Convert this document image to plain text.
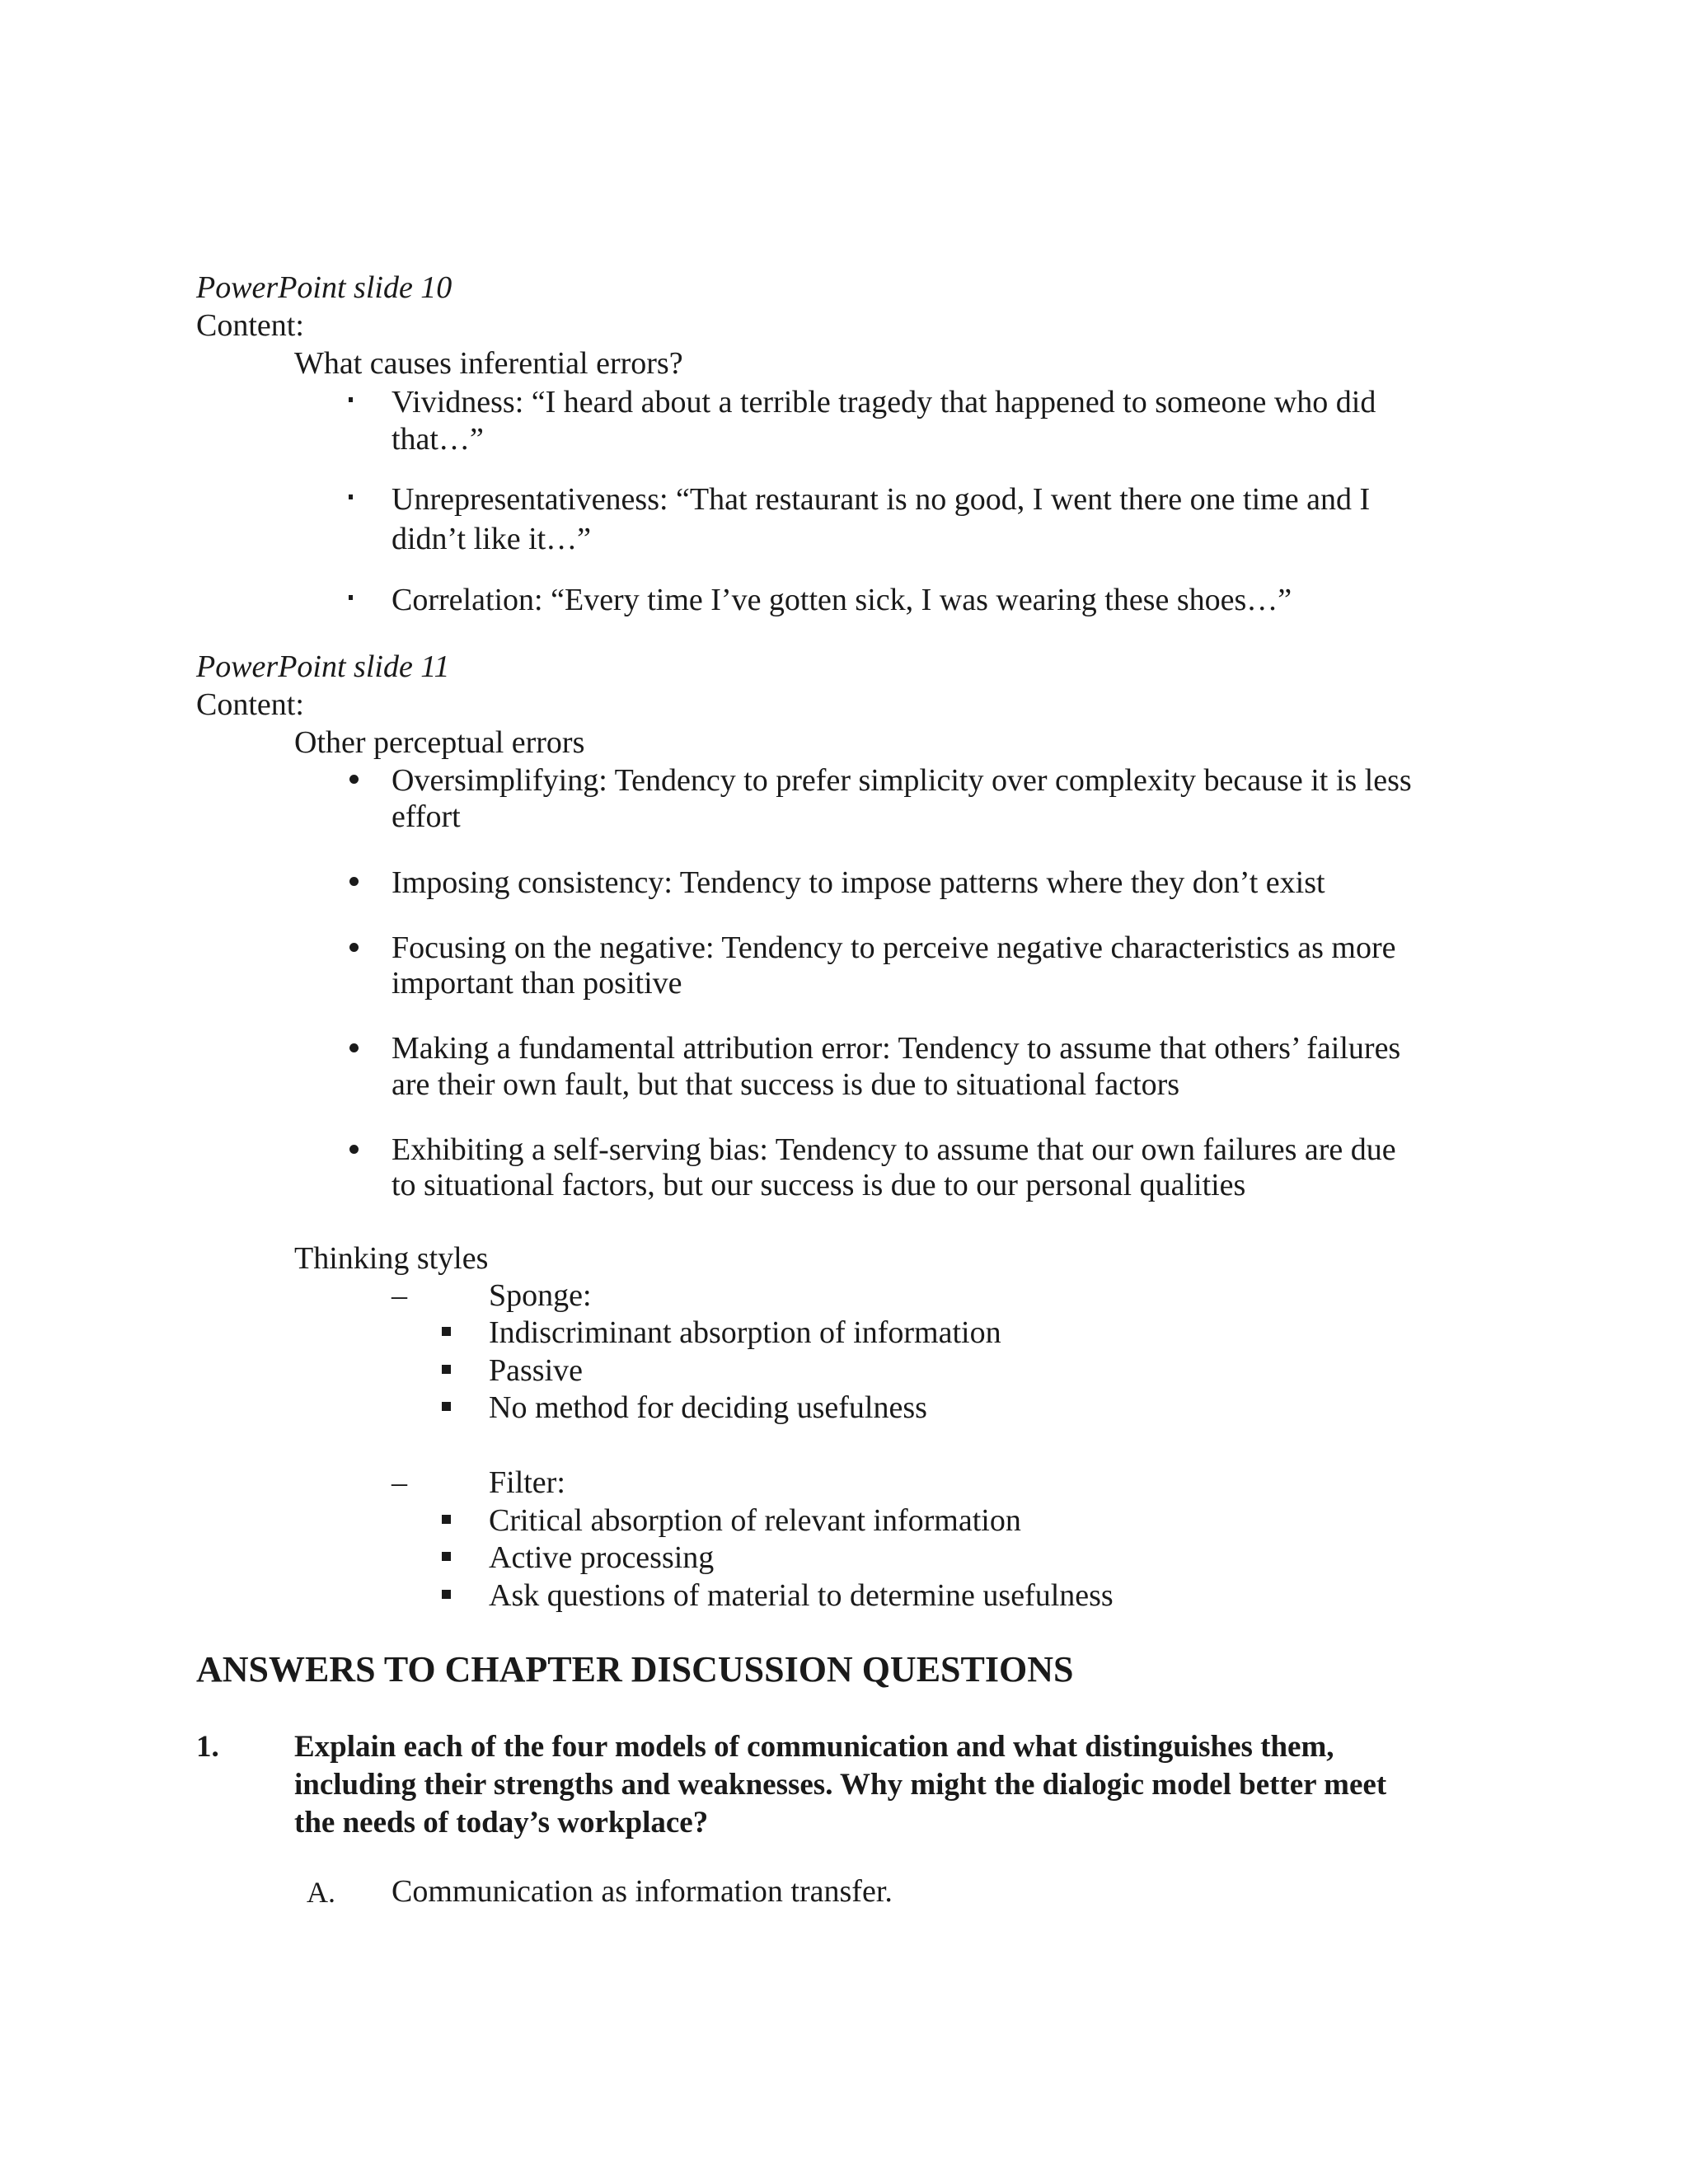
PowerPoint slide 10
Content:
What causes inferential errors?
Vividness: “I heard about a terrible tragedy that happened to someone who did
that…”
Unrepresentativeness: “That restaurant is no good, I went there one time and I
didn’t like it…”
Correlation: “Every time I’ve gotten sick, I was wearing these shoes…”
PowerPoint slide 11
Content:
Other perceptual errors
Oversimplifying: Tendency to prefer simplicity over complexity because it is less
effort
Imposing consistency: Tendency to impose patterns where they don’t exist
Focusing on the negative: Tendency to perceive negative characteristics as more
important than positive
Making a fundamental attribution error: Tendency to assume that others’ failures
are their own fault, but that success is due to situational factors
Exhibiting a self-serving bias: Tendency to assume that our own failures are due
to situational factors, but our success is due to our personal qualities
Thinking styles
–	Sponge:
Indiscriminant absorption of information
Passive
No method for deciding usefulness
–	Filter:
Critical absorption of relevant information
Active processing
Ask questions of material to determine usefulness
ANSWERS TO CHAPTER DISCUSSION QUESTIONS
1. Explain each of the four models of communication and what distinguishes them,
including their strengths and weaknesses. Why might the dialogic model better meet
the needs of today’s workplace?
A. Communication as information transfer.
